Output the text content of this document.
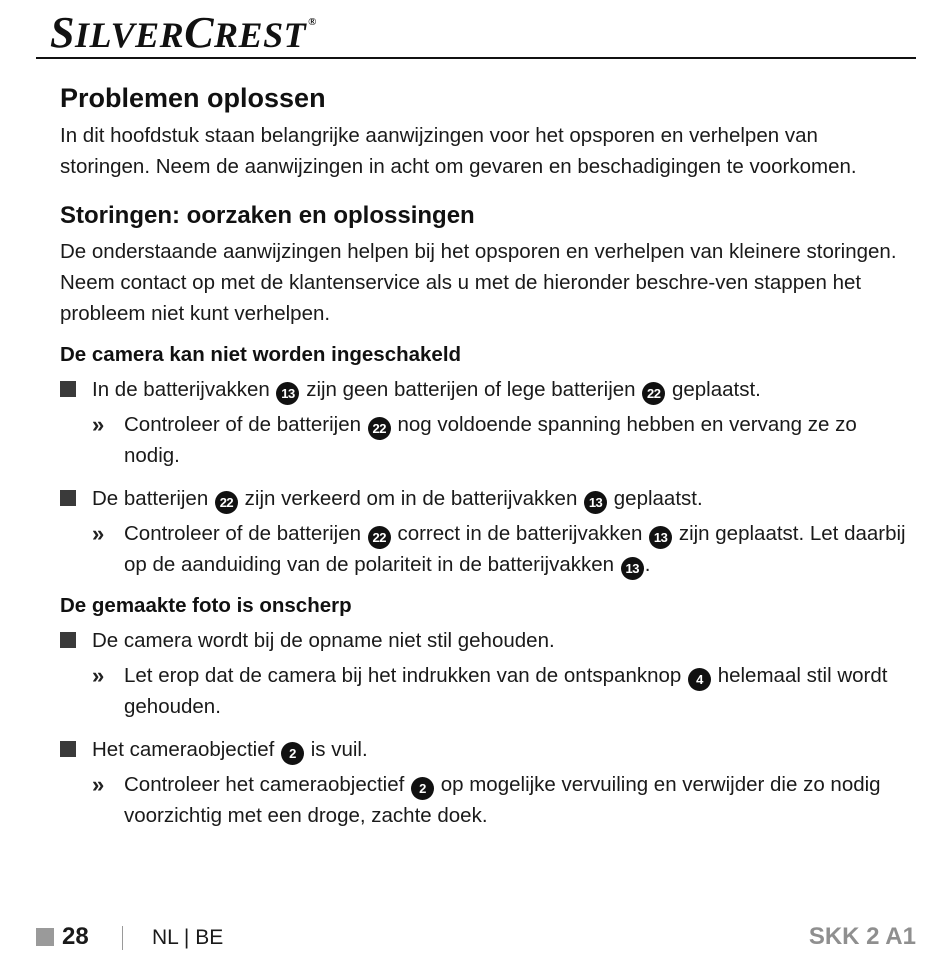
SILVERCREST ®
Problemen oplossen

In dit hoofdstuk staan belangrijke aanwijzingen voor het opsporen en verhelpen van storingen. Neem de aanwijzingen in acht om gevaren en beschadigingen te voorkomen.

Storingen: oorzaken en oplossingen

De onderstaande aanwijzingen helpen bij het opsporen en verhelpen van kleinere storingen. Neem contact op met de klantenservice als u met de hieronder beschre-ven stappen het probleem niet kunt verhelpen.

De camera kan niet worden ingeschakeld
In de batterijvakken 13 zijn geen batterijen of lege batterijen 22 geplaatst.
» Controleer of de batterijen 22 nog voldoende spanning hebben en vervang ze zo nodig.
De batterijen 22 zijn verkeerd om in de batterijvakken 13 geplaatst.
» Controleer of de batterijen 22 correct in de batterijvakken 13 zijn geplaatst. Let daarbij op de aanduiding van de polariteit in de batterijvakken 13 .
De gemaakte foto is onscherp
De camera wordt bij de opname niet stil gehouden.
» Let erop dat de camera bij het indrukken van de ontspanknop 4 helemaal stil wordt gehouden.
Het cameraobjectief 2 is vuil.
» Controleer het cameraobjectief 2 op mogelijke vervuiling en verwijder die zo nodig voorzichtig met een droge, zachte doek.
28	NL | BE	SKK 2 A1
